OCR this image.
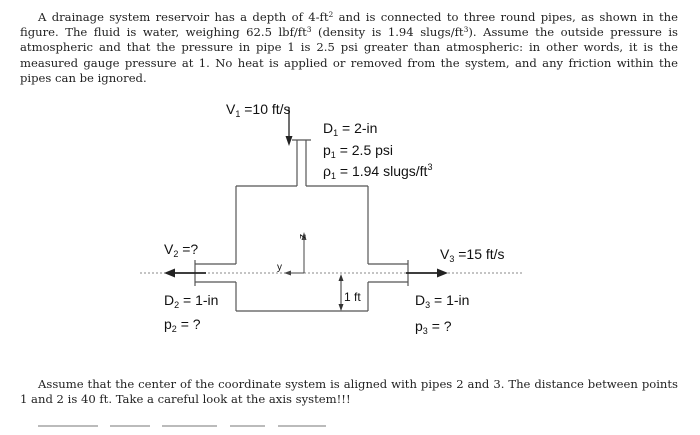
A drainage system reservoir has a depth of $4-ft^2$ and is connected to three round pipes, as shown in the figure. The fluid is water, weighing 62.5 lbf/$ft^3$ (density is 1.94 slugs/$ft^3$). Assume the outside pressure is atmospheric and that the pressure in pipe 1 is 2.5 psi greater than atmospheric: in other words, it is the measured gauge pressure at 1. No heat is applied or removed from the system, and any friction within the pipes can be ignored.
z
y
1 ft
$V_1 =10$ ft/s
$D_1 = 2-in$
$p_1 = 2.5$ psi
$\rho_1 = 1.94$ slugs/$ft^3$
$V_2$ =?	$V_3 =15$ ft/s
$D_2 = 1-in$
$p_2$ = ?
$D_3 = 1-in$
$p_3$ = ?
Assume that the center of the coordinate system is aligned with pipes 2 and 3. The distance between points 1 and 2 is 40 ft. Take a careful look at the axis system!!!
